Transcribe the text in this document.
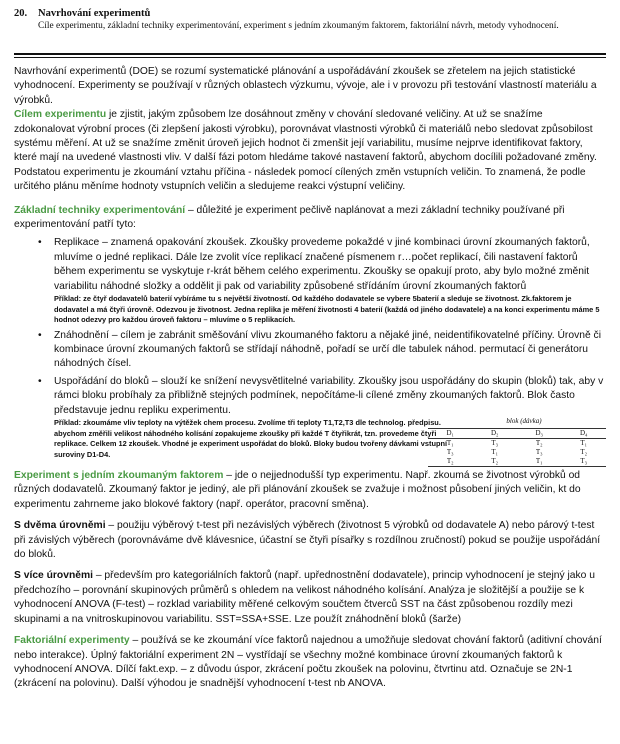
20. Navrhování experimentů
Cíle experimentu, základní techniky experimentování, experiment s jedním zkoumaným faktorem, faktoriální návrh, metody vyhodnocení.

Navrhování experimentů (DOE) se rozumí systematické plánování a uspořádávání zkoušek se zřetelem na jejich statistické vyhodnocení. Experimenty se používají v různých oblastech výzkumu, vývoje, ale i v provozu při testování vlastností materiálu a výrobků.

Cílem experimentu je zjistit, jakým způsobem lze dosáhnout změny v chování sledované veličiny. At už se snažíme zdokonalovat výrobní proces (či zlepšení jakosti výrobku), porovnávat vlastnosti výrobků či materiálů nebo sledovat způsobilost systému měření. At už se snažíme změnit úroveň jejich hodnot či zmenšit její variabilitu, musíme nejprve identifikovat faktory, které mají na uvedené vlastnosti vliv. V další fázi potom hledáme takové nastavení faktorů, abychom docílili požadované změny.

Podstatou experimentu je zkoumání vztahu příčina - následek pomocí cílených změn vstupních veličin. To znamená, že podle určitého plánu měníme hodnoty vstupních veličin a sledujeme reakci výstupní veličiny.

Základní techniky experimentování – důležité je experiment pečlivě naplánovat a mezi základní techniky používané při experimentování patří tyto:

• Replikace – znamená opakování zkoušek. Zkoušky provedeme pokaždé v jiné kombinaci úrovní zkoumaných faktorů, mluvíme o jedné replikaci. Dále lze zvolit více replikací značené písmenem r…počet replikací, čili nastavení faktorů během experimentu se vyskytuje r-krát během celého experimentu. Zkoušky se opakují proto, aby bylo možné změnit variabilitu náhodné složky a oddělit ji pak od variability způsobené střídáním úrovní zkoumaných faktorů
Příklad: ze čtyř dodavatelů baterií vybíráme tu s největší životností. Od každého dodavatele se vybere 5baterií a sleduje se životnost. Zk.faktorem je dodavatel a má čtyři úrovně. Odezvou je životnost. Jedna replika je měření životnosti 4 baterií (každá od jiného dodavatele) a na konci experimentu máme 5 hodnot odezvy pro každou úroveň faktoru – mluvíme o 5 replikacích.
• Znáhodnění – cílem je zabránit směšování vlivu zkoumaného faktoru a nějaké jiné, neidentifikovatelné příčiny. Úrovně či kombinace úrovní zkoumaných faktorů se střídají náhodně, pořadí se určí dle tabulek náhod. permutací či generátoru náhodných čísel.
• Uspořádání do bloků – slouží ke snížení nevysvětlitelné variability. Zkoušky jsou uspořádány do skupin (bloků) tak, aby v rámci bloku probíhaly za přibližně stejných podmínek, nepočítáme-li cílené změny zkoumaných faktorů. Blok často představuje jednu repliku experimentu.
Příklad: zkoumáme vliv teploty na výtěžek chem procesu. Zvolíme tři teploty T1,T2,T3 dle technolog. předpisu. abychom změřili velikost náhodného kolísání zopakujeme zkoušky při každé T čtyřikrát, tzn. provedeme čtyři replikace. Celkem 12 zkoušek. Vhodné je experiment uspořádat do bloků. Bloky budou tvořeny dávkami vstupní suroviny D1-D4.
blok (dávka)
D₁	D₂	D₃	D₄
T₁	T₃	T₂	T₁
T₃	T₁	T₃	T₂
T₂	T₂	T₁	T₃

Experiment s jedním zkoumaným faktorem – jde o nejjednodušší typ experimentu. Např. zkoumá se životnost výrobků od různých dodavatelů. Zkoumaný faktor je jediný, ale při plánování zkoušek se zvažuje i možnost působení jiných veličin, kt do experimentu zahrneme jako blokové faktory (např. operátor, pracovní směna).

S dvěma úrovněmi – použiju výběrový t-test při nezávislých výběrech (životnost 5 výrobků od dodavatele A) nebo párový t-test při závislých výběrech (porovnáváme dvě klávesnice, účastní se čtyři písařky s rozdílnou zručností) pokud se použije uspořádání do bloků.

S více úrovněmi – především pro kategoriálních faktorů (např. upřednostnění dodavatele), princip vyhodnocení je stejný jako u předchozího – porovnání skupinových průměrů s ohledem na velikost náhodného kolísání. Analýza je složitější a použije se k vyhodnocení ANOVA (F-test) – rozklad variability měřené celkovým součtem čtverců SST na část způsobenou rozdíly mezi skupinami a na vnitroskupinovou variabilitu. SST=SSA+SSE. Lze použít znáhodnění bloků (šarže)

Faktoriální experimenty – používá se ke zkoumání více faktorů najednou a umožňuje sledovat chování faktorů (aditivní chování nebo interakce). Úplný faktoriální experiment 2N – vystřídají se všechny možné kombinace úrovní zkoumaných faktorů k vyhodnocení ANOVA. Dílčí fakt.exp. – z důvodu úspor, zkrácení počtu zkoušek na polovinu, čtvrtinu atd. Označuje se 2N-1 (zkrácení na polovinu). Další výhodou je snadnější vyhodnocení t-test nb ANOVA.
